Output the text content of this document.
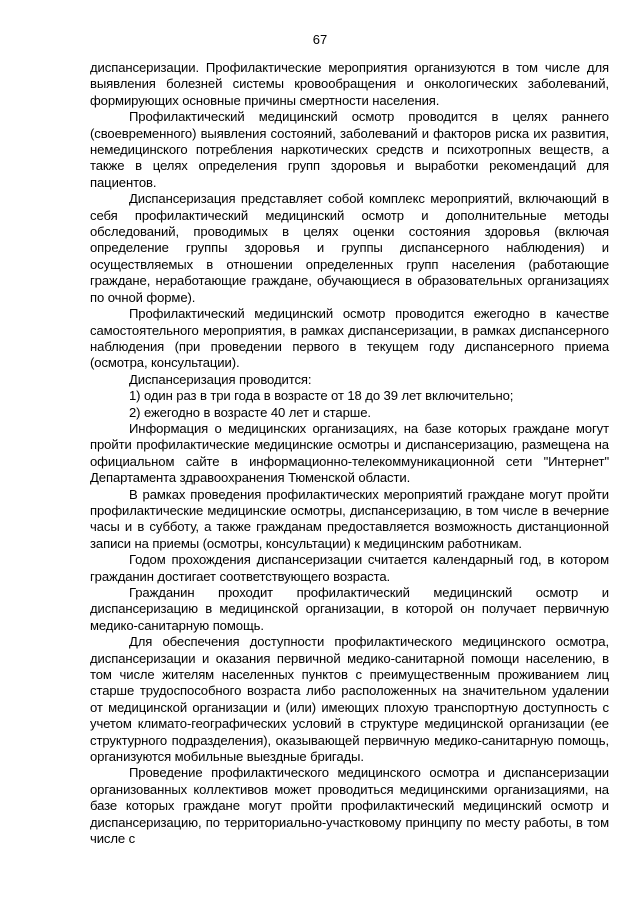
67

диспансеризации. Профилактические мероприятия организуются в том числе для выявления болезней системы кровообращения и онкологических заболеваний, формирующих основные причины смертности населения.

Профилактический медицинский осмотр проводится в целях раннего (своевременного) выявления состояний, заболеваний и факторов риска их развития, немедицинского потребления наркотических средств и психотропных веществ, а также в целях определения групп здоровья и выработки рекомендаций для пациентов.

Диспансеризация представляет собой комплекс мероприятий, включающий в себя профилактический медицинский осмотр и дополнительные методы обследований, проводимых в целях оценки состояния здоровья (включая определение группы здоровья и группы диспансерного наблюдения) и осуществляемых в отношении определенных групп населения (работающие граждане, неработающие граждане, обучающиеся в образовательных организациях по очной форме).

Профилактический медицинский осмотр проводится ежегодно в качестве самостоятельного мероприятия, в рамках диспансеризации, в рамках диспансерного наблюдения (при проведении первого в текущем году диспансерного приема (осмотра, консультации).

Диспансеризация проводится:

1) один раз в три года в возрасте от 18 до 39 лет включительно;

2) ежегодно в возрасте 40 лет и старше.

Информация о медицинских организациях, на базе которых граждане могут пройти профилактические медицинские осмотры и диспансеризацию, размещена на официальном сайте в информационно-телекоммуникационной сети "Интернет" Департамента здравоохранения Тюменской области.

В рамках проведения профилактических мероприятий граждане могут пройти профилактические медицинские осмотры, диспансеризацию, в том числе в вечерние часы и в субботу, а также гражданам предоставляется возможность дистанционной записи на приемы (осмотры, консультации) к медицинским работникам.

Годом прохождения диспансеризации считается календарный год, в котором гражданин достигает соответствующего возраста.

Гражданин проходит профилактический медицинский осмотр и диспансеризацию в медицинской организации, в которой он получает первичную медико-санитарную помощь.

Для обеспечения доступности профилактического медицинского осмотра, диспансеризации и оказания первичной медико-санитарной помощи населению, в том числе жителям населенных пунктов с преимущественным проживанием лиц старше трудоспособного возраста либо расположенных на значительном удалении от медицинской организации и (или) имеющих плохую транспортную доступность с учетом климато-географических условий в структуре медицинской организации (ее структурного подразделения), оказывающей первичную медико-санитарную помощь, организуются мобильные выездные бригады.

Проведение профилактического медицинского осмотра и диспансеризации организованных коллективов может проводиться медицинскими организациями, на базе которых граждане могут пройти профилактический медицинский осмотр и диспансеризацию, по территориально-участковому принципу по месту работы, в том числе с
